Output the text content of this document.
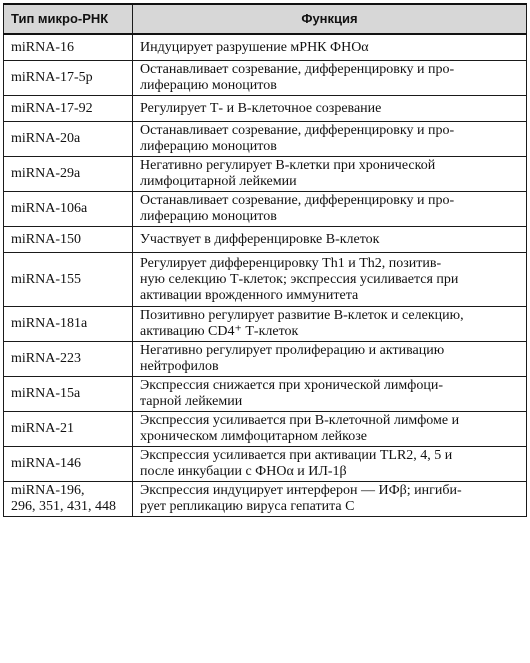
Тип микро-РНК	Функция
miRNA-16	Индуцирует разрушение мРНК ФНОα
miRNA-17-5p	Останавливает созревание, дифференцировку и про-
лиферацию моноцитов
miRNA-17-92	Регулирует Т- и В-клеточное созревание
miRNA-20a	Останавливает созревание, дифференцировку и про-
лиферацию моноцитов
miRNA-29a	Негативно регулирует В-клетки при хронической
лимфоцитарной лейкемии
miRNA-106a	Останавливает созревание, дифференцировку и про-
лиферацию моноцитов
miRNA-150	Участвует в дифференцировке В-клеток
miRNA-155	Регулирует дифференцировку Th1 и Th2, позитив-
ную селекцию Т-клеток; экспрессия усиливается при
активации врожденного иммунитета
miRNA-181a	Позитивно регулирует развитие В-клеток и селекцию,
активацию CD4⁺ Т-клеток
miRNA-223	Негативно регулирует пролиферацию и активацию
нейтрофилов
miRNA-15a	Экспрессия снижается при хронической лимфоци-
тарной лейкемии
miRNA-21	Экспрессия усиливается при В-клеточной лимфоме и
хроническом лимфоцитарном лейкозе
miRNA-146	Экспрессия усиливается при активации TLR2, 4, 5 и
после инкубации с ФНОα и ИЛ-1β
miRNA-196,
296, 351, 431, 448	Экспрессия индуцирует интерферон — ИФβ; ингиби-
рует репликацию вируса гепатита С
